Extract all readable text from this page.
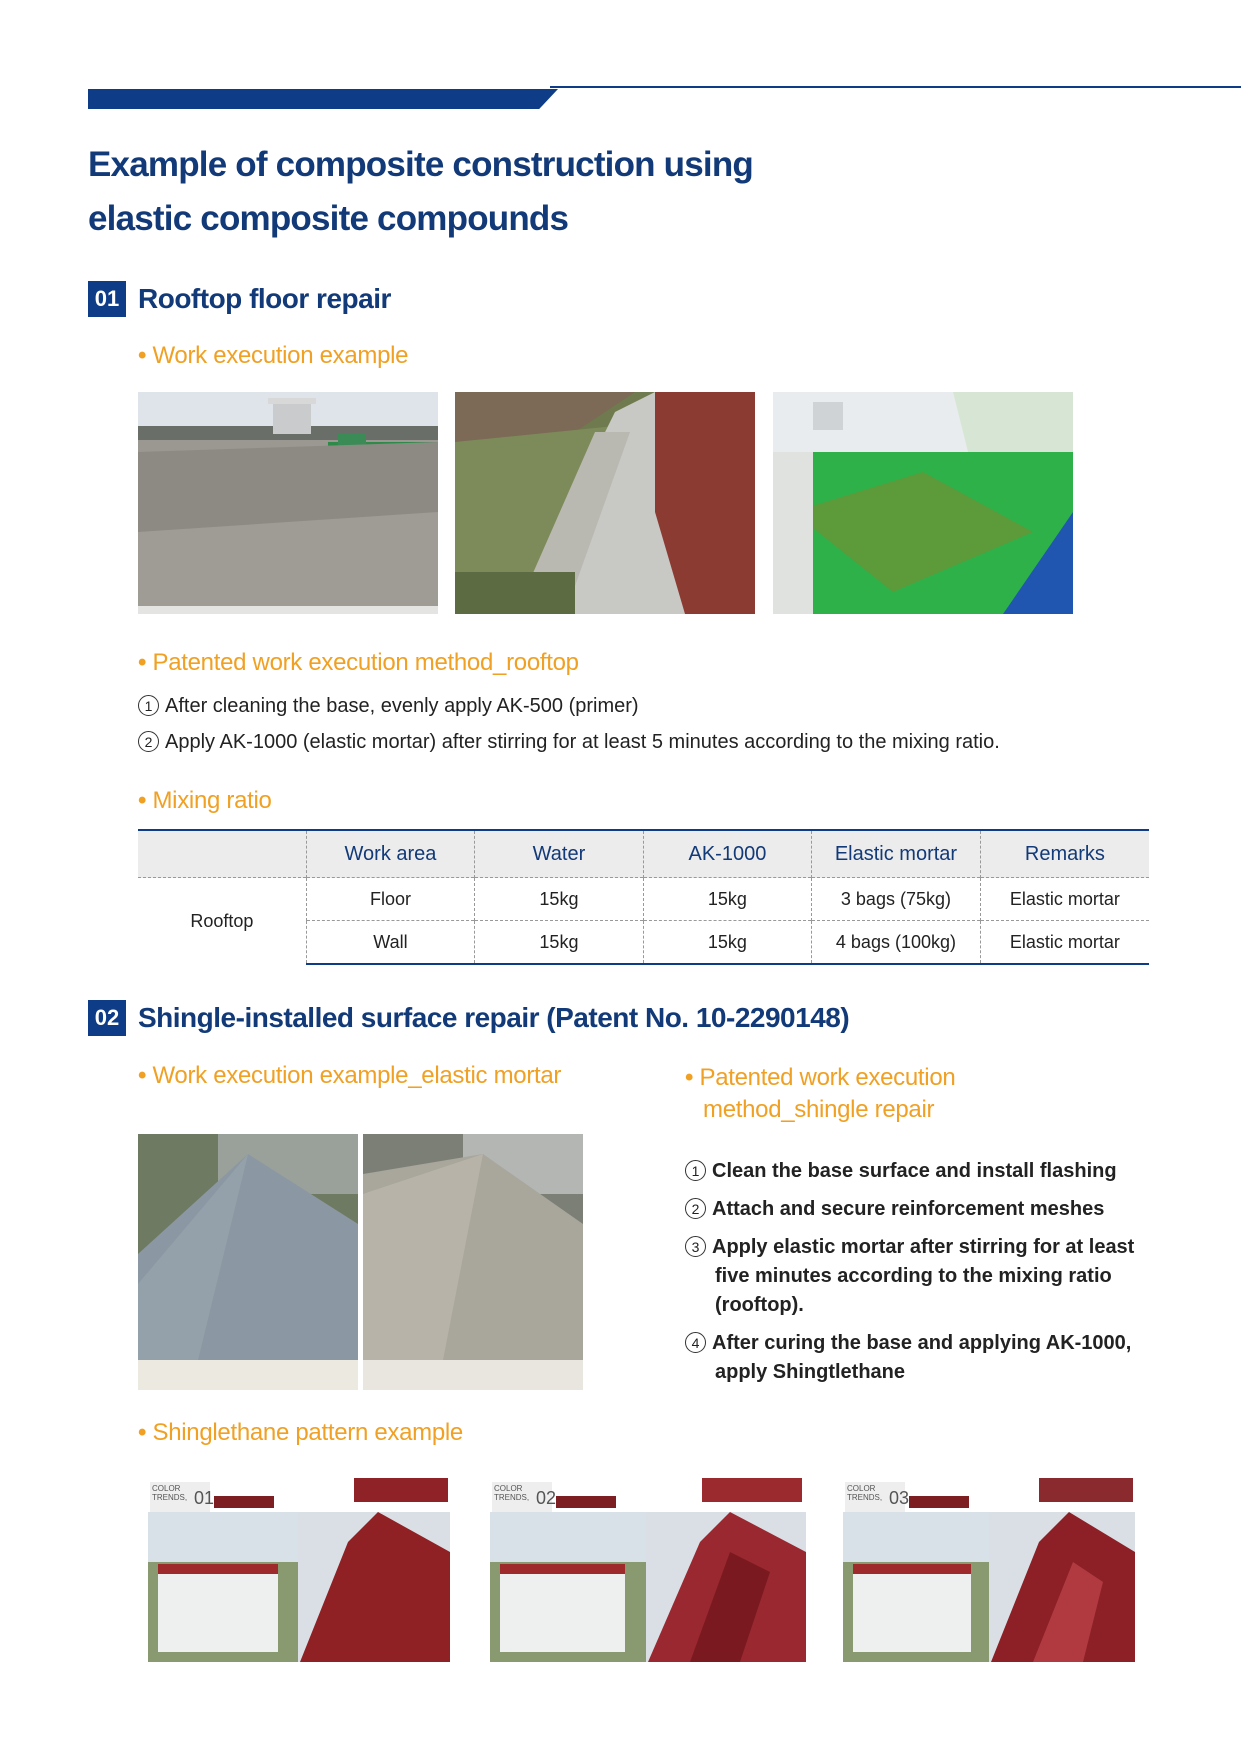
Example of composite construction using
elastic composite compounds
01 Rooftop floor repair
• Work execution example
• Patented work execution method_rooftop
1 After cleaning the base, evenly apply AK-500 (primer)
2 Apply AK-1000 (elastic mortar) after stirring for at least 5 minutes according to the mixing ratio.
• Mixing ratio
	Work area	Water	AK-1000	Elastic mortar	Remarks
Rooftop	Floor	15kg	15kg	3 bags (75kg)	Elastic mortar
	Wall	15kg	15kg	4 bags (100kg)	Elastic mortar
02 Shingle-installed surface repair (Patent No. 10-2290148)
• Work execution example_elastic mortar	• Patented work execution
method_shingle repair
1 Clean the base surface and install flashing
2 Attach and secure reinforcement meshes
3 Apply elastic mortar after stirring for at least
five minutes according to the mixing ratio
(rooftop).
4 After curing the base and applying AK-1000,
apply Shingtlethane
• Shinglethane pattern example
COLOR
TRENDS, 01	COLOR
TRENDS, 02	COLOR
TRENDS, 03
